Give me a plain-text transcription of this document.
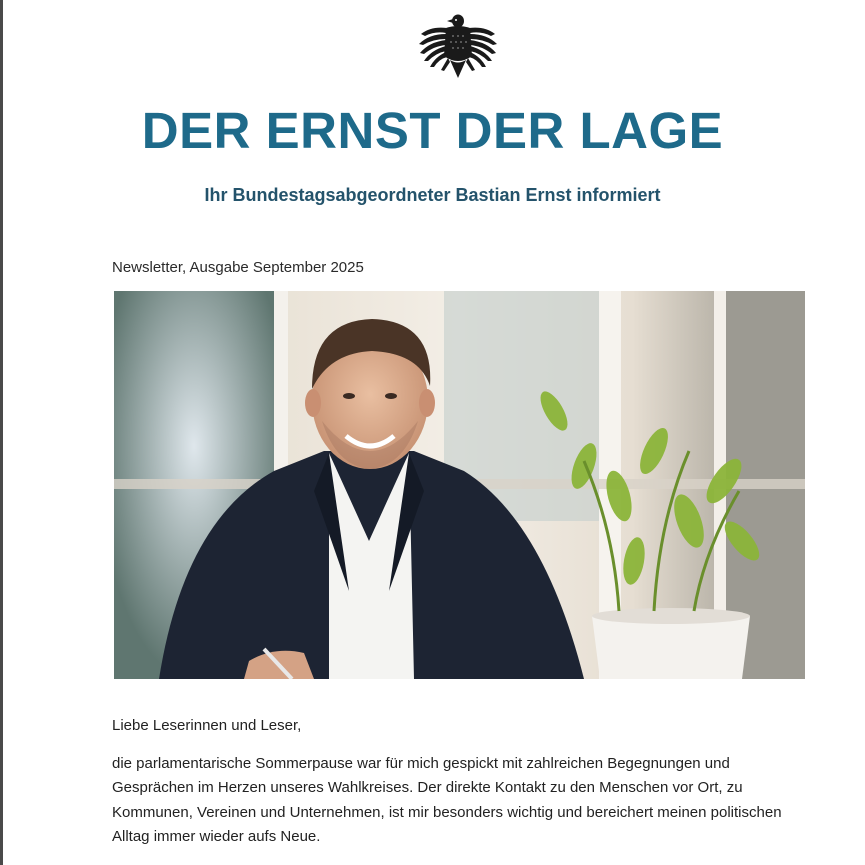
DER ERNST DER LAGE
Ihr Bundestagsabgeordneter Bastian Ernst informiert
Newsletter, Ausgabe September 2025
Liebe Leserinnen und Leser,

die parlamentarische Sommerpause war für mich gespickt mit zahlreichen Begegnungen und Gesprächen im Herzen unseres Wahlkreises. Der direkte Kontakt zu den Menschen vor Ort, zu Kommunen, Vereinen und Unternehmen, ist mir besonders wichtig und bereichert meinen politischen Alltag immer wieder aufs Neue.
